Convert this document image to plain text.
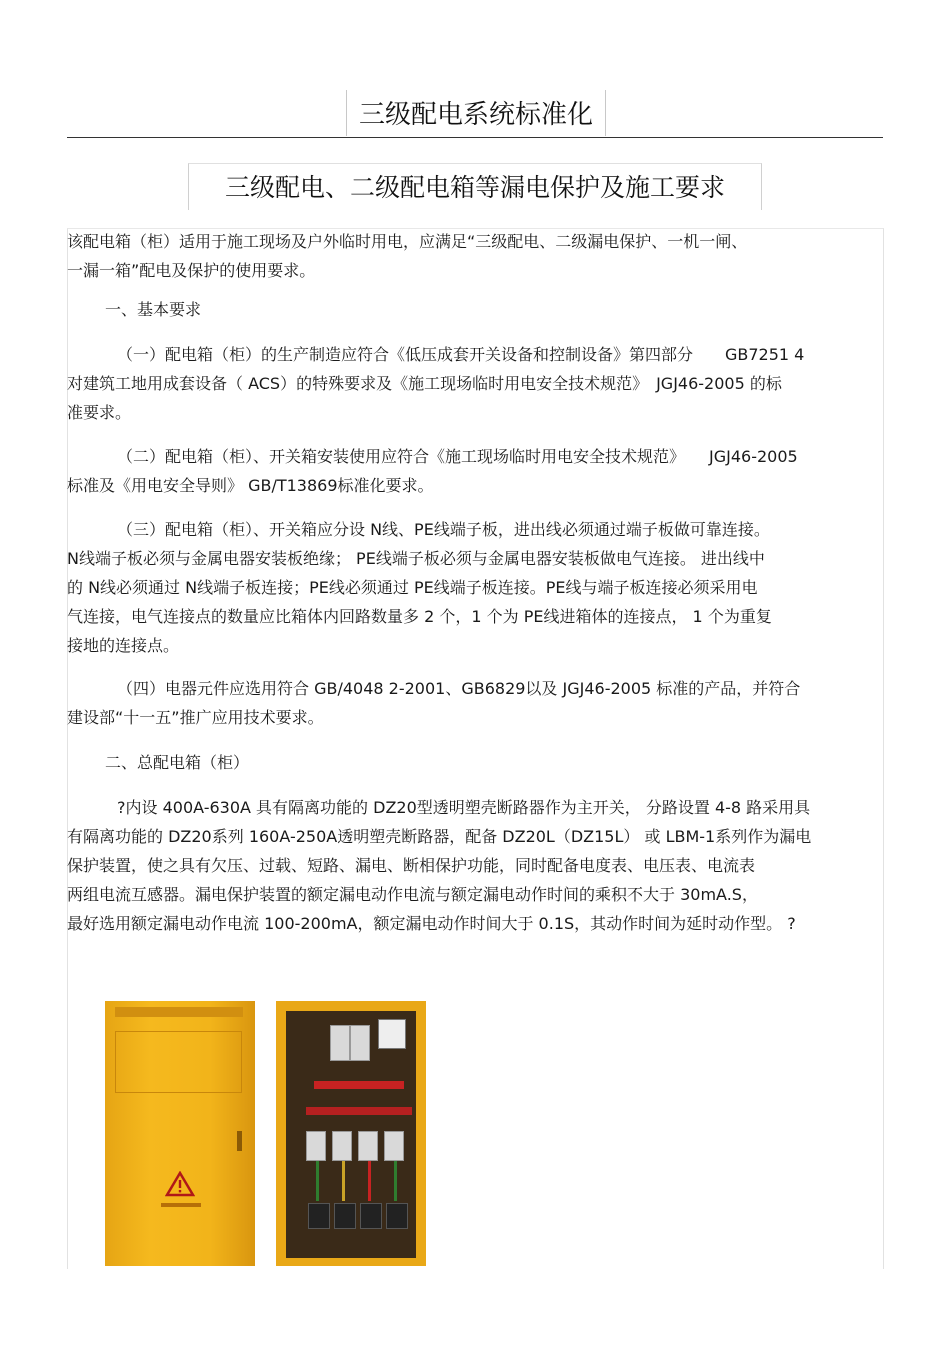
三级配电系统标准化
三级配电、二级配电箱等漏电保护及施工要求
该配电箱（柜）适用于施工现场及户外临时用电，应满足“三级配电、二级漏电保护、一机一闸、
一漏一箱”配电及保护的使用要求。
一、基本要求
（一）配电箱（柜）的生产制造应符合《低压成套开关设备和控制设备》第四部分　　GB7251 4
对建筑工地用成套设备（ ACS）的特殊要求及《施工现场临时用电安全技术规范》　JGJ46-2005 的标
准要求。
（二）配电箱（柜）、开关箱安装使用应符合《施工现场临时用电安全技术规范》　　JGJ46-2005
标准及《用电安全导则》 GB/T13869标准化要求。
（三）配电箱（柜）、开关箱应分设 N线、PE线端子板，进出线必须通过端子板做可靠连接。
N线端子板必须与金属电器安装板绝缘； PE线端子板必须与金属电器安装板做电气连接。 进出线中
的 N线必须通过 N线端子板连接；PE线必须通过 PE线端子板连接。PE线与端子板连接必须采用电
气连接，电气连接点的数量应比箱体内回路数量多 2 个，1 个为 PE线进箱体的连接点， 1 个为重复
接地的连接点。
（四）电器元件应选用符合 GB/4048 2-2001、GB6829以及 JGJ46-2005 标准的产品，并符合
建设部“十一五”推广应用技术要求。
二、总配电箱（柜）
?内设 400A-630A 具有隔离功能的 DZ20型透明塑壳断路器作为主开关， 分路设置 4-8 路采用具
有隔离功能的 DZ20系列 160A-250A透明塑壳断路器，配备 DZ20L（DZ15L） 或 LBM-1系列作为漏电
保护装置，使之具有欠压、过载、短路、漏电、断相保护功能，同时配备电度表、电压表、电流表
两组电流互感器。漏电保护装置的额定漏电动作电流与额定漏电动作时间的乘积不大于 30mA.S，
最好选用额定漏电动作电流 100-200mA，额定漏电动作时间大于 0.1S，其动作时间为延时动作型。 ?
